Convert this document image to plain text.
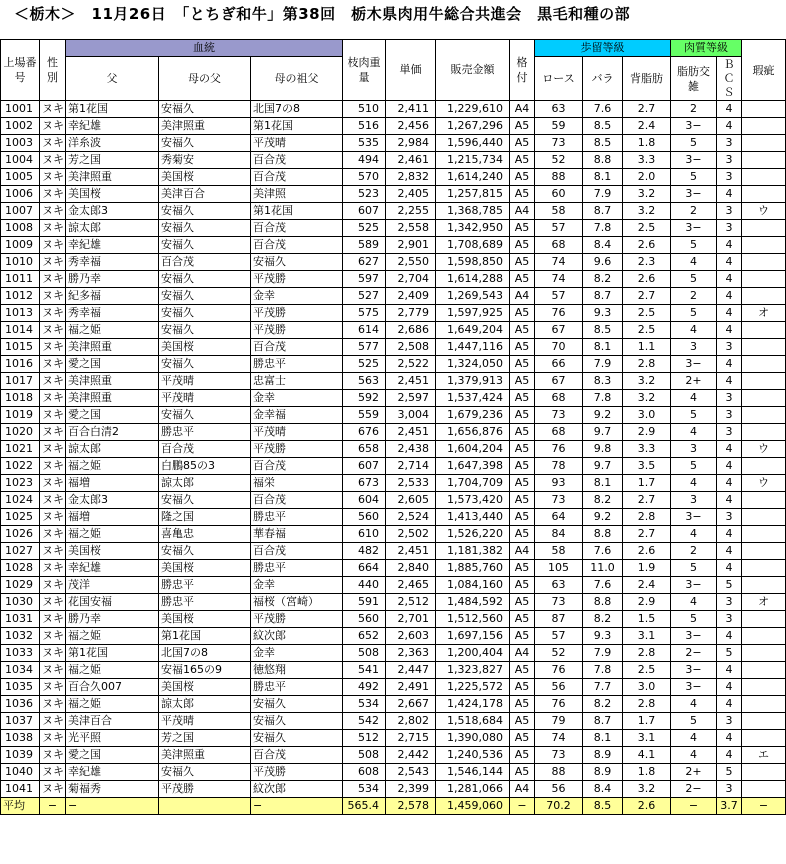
＜栃木＞　11月26日　「とちぎ和牛」第38回　栃木県肉用牛総合共進会　黒毛和種の部
上場番号	性別	血統			枝肉重量	単価	販売金額	格付	歩留等級			肉質等級		瑕疵
		父	母の父	母の祖父					ロース	バラ	背脂肪	脂肪交雑	ＢＣＳ	

1001	ヌキ	第1花国	安福久	北国7の8	510	2,411	1,229,610	A4	63	7.6	2.7	2	4	
1002	ヌキ	幸紀雄	美津照重	第1花国	516	2,456	1,267,296	A5	59	8.5	2.4	3−	4	
1003	ヌキ	洋糸波	安福久	平茂晴	535	2,984	1,596,440	A5	73	8.5	1.8	5	3	
1004	ヌキ	芳之国	秀菊安	百合茂	494	2,461	1,215,734	A5	52	8.8	3.3	3−	3	
1005	ヌキ	美津照重	美国桜	百合茂	570	2,832	1,614,240	A5	88	8.1	2.0	5	3	
1006	ヌキ	美国桜	美津百合	美津照	523	2,405	1,257,815	A5	60	7.9	3.2	3−	4	
1007	ヌキ	金太郎3	安福久	第1花国	607	2,255	1,368,785	A4	58	8.7	3.2	2	3	ウ
1008	ヌキ	諒太郎	安福久	百合茂	525	2,558	1,342,950	A5	57	7.8	2.5	3−	3	
1009	ヌキ	幸紀雄	安福久	百合茂	589	2,901	1,708,689	A5	68	8.4	2.6	5	4	
1010	ヌキ	秀幸福	百合茂	安福久	627	2,550	1,598,850	A5	74	9.6	2.3	4	4	
1011	ヌキ	勝乃幸	安福久	平茂勝	597	2,704	1,614,288	A5	74	8.2	2.6	5	4	
1012	ヌキ	紀多福	安福久	金幸	527	2,409	1,269,543	A4	57	8.7	2.7	2	4	
1013	ヌキ	秀幸福	安福久	平茂勝	575	2,779	1,597,925	A5	76	9.3	2.5	5	4	オ
1014	ヌキ	福之姫	安福久	平茂勝	614	2,686	1,649,204	A5	67	8.5	2.5	4	4	
1015	ヌキ	美津照重	美国桜	百合茂	577	2,508	1,447,116	A5	70	8.1	1.1	3	3	
1016	ヌキ	愛之国	安福久	勝忠平	525	2,522	1,324,050	A5	66	7.9	2.8	3−	4	
1017	ヌキ	美津照重	平茂晴	忠富士	563	2,451	1,379,913	A5	67	8.3	3.2	2+	4	
1018	ヌキ	美津照重	平茂晴	金幸	592	2,597	1,537,424	A5	68	7.8	3.2	4	3	
1019	ヌキ	愛之国	安福久	金幸福	559	3,004	1,679,236	A5	73	9.2	3.0	5	3	
1020	ヌキ	百合白清2	勝忠平	平茂晴	676	2,451	1,656,876	A5	68	9.7	2.9	4	3	
1021	ヌキ	諒太郎	百合茂	平茂勝	658	2,438	1,604,204	A5	76	9.8	3.3	3	4	ウ
1022	ヌキ	福之姫	白鵬85の3	百合茂	607	2,714	1,647,398	A5	78	9.7	3.5	5	4	
1023	ヌキ	福増	諒太郎	福栄	673	2,533	1,704,709	A5	93	8.1	1.7	4	4	ウ
1024	ヌキ	金太郎3	安福久	百合茂	604	2,605	1,573,420	A5	73	8.2	2.7	3	4	
1025	ヌキ	福増	隆之国	勝忠平	560	2,524	1,413,440	A5	64	9.2	2.8	3−	3	
1026	ヌキ	福之姫	喜亀忠	華春福	610	2,502	1,526,220	A5	84	8.8	2.7	4	4	
1027	ヌキ	美国桜	安福久	百合茂	482	2,451	1,181,382	A4	58	7.6	2.6	2	4	
1028	ヌキ	幸紀雄	美国桜	勝忠平	664	2,840	1,885,760	A5	105	11.0	1.9	5	4	
1029	ヌキ	茂洋	勝忠平	金幸	440	2,465	1,084,160	A5	63	7.6	2.4	3−	5	
1030	ヌキ	花国安福	勝忠平	福桜（宮崎）	591	2,512	1,484,592	A5	73	8.8	2.9	4	3	オ
1031	ヌキ	勝乃幸	美国桜	平茂勝	560	2,701	1,512,560	A5	87	8.2	1.5	5	3	
1032	ヌキ	福之姫	第1花国	紋次郎	652	2,603	1,697,156	A5	57	9.3	3.1	3−	4	
1033	ヌキ	第1花国	北国7の8	金幸	508	2,363	1,200,404	A4	52	7.9	2.8	2−	5	
1034	ヌキ	福之姫	安福165の9	徳悠翔	541	2,447	1,323,827	A5	76	7.8	2.5	3−	4	
1035	ヌキ	百合久007	美国桜	勝忠平	492	2,491	1,225,572	A5	56	7.7	3.0	3−	4	
1036	ヌキ	福之姫	諒太郎	安福久	534	2,667	1,424,178	A5	76	8.2	2.8	4	4	
1037	ヌキ	美津百合	平茂晴	安福久	542	2,802	1,518,684	A5	79	8.7	1.7	5	3	
1038	ヌキ	光平照	芳之国	安福久	512	2,715	1,390,080	A5	74	8.1	3.1	4	4	
1039	ヌキ	愛之国	美津照重	百合茂	508	2,442	1,240,536	A5	73	8.9	4.1	4	4	エ
1040	ヌキ	幸紀雄	安福久	平茂勝	608	2,543	1,546,144	A5	88	8.9	1.8	2+	5	
1041	ヌキ	菊福秀	平茂勝	紋次郎	534	2,399	1,281,066	A4	56	8.4	3.2	2−	3	
平均	−	−		−	565.4	2,578	1,459,060	−	70.2	8.5	2.6	−	3.7	−
